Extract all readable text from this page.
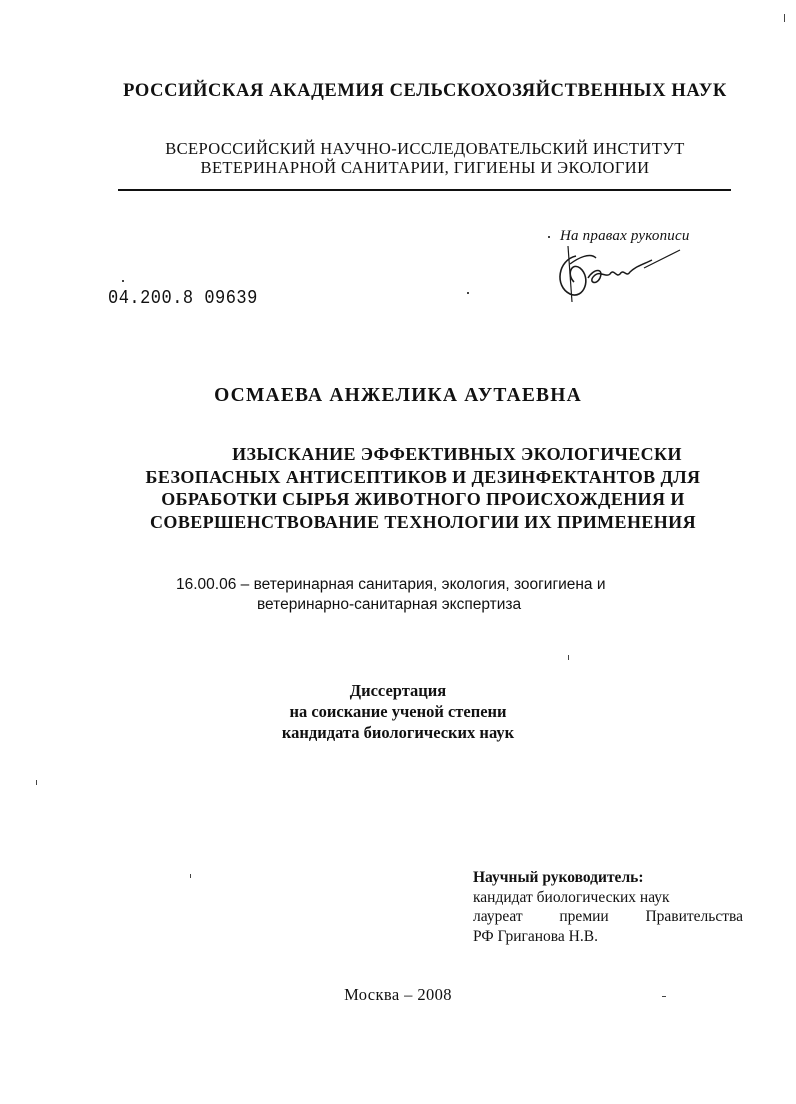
РОССИЙСКАЯ АКАДЕМИЯ СЕЛЬСКОХОЗЯЙСТВЕННЫХ НАУК
ВСЕРОССИЙСКИЙ НАУЧНО-ИССЛЕДОВАТЕЛЬСКИЙ ИНСТИТУТ
ВЕТЕРИНАРНОЙ САНИТАРИИ, ГИГИЕНЫ И ЭКОЛОГИИ
На правах рукописи
04.200.8 09639
ОСМАЕВА АНЖЕЛИКА АУТАЕВНА
ИЗЫСКАНИЕ ЭФФЕКТИВНЫХ ЭКОЛОГИЧЕСКИ
БЕЗОПАСНЫХ АНТИСЕПТИКОВ И ДЕЗИНФЕКТАНТОВ ДЛЯ
ОБРАБОТКИ СЫРЬЯ ЖИВОТНОГО ПРОИСХОЖДЕНИЯ И
СОВЕРШЕНСТВОВАНИЕ ТЕХНОЛОГИИ ИХ ПРИМЕНЕНИЯ
16.00.06 – ветеринарная санитария, экология, зоогигиена и
ветеринарно-санитарная экспертиза
Диссертация
на соискание ученой степени
кандидата биологических наук
Научный руководитель:
кандидат биологических наук
лауреат премии Правительства
РФ Григанова Н.В.
Москва – 2008
